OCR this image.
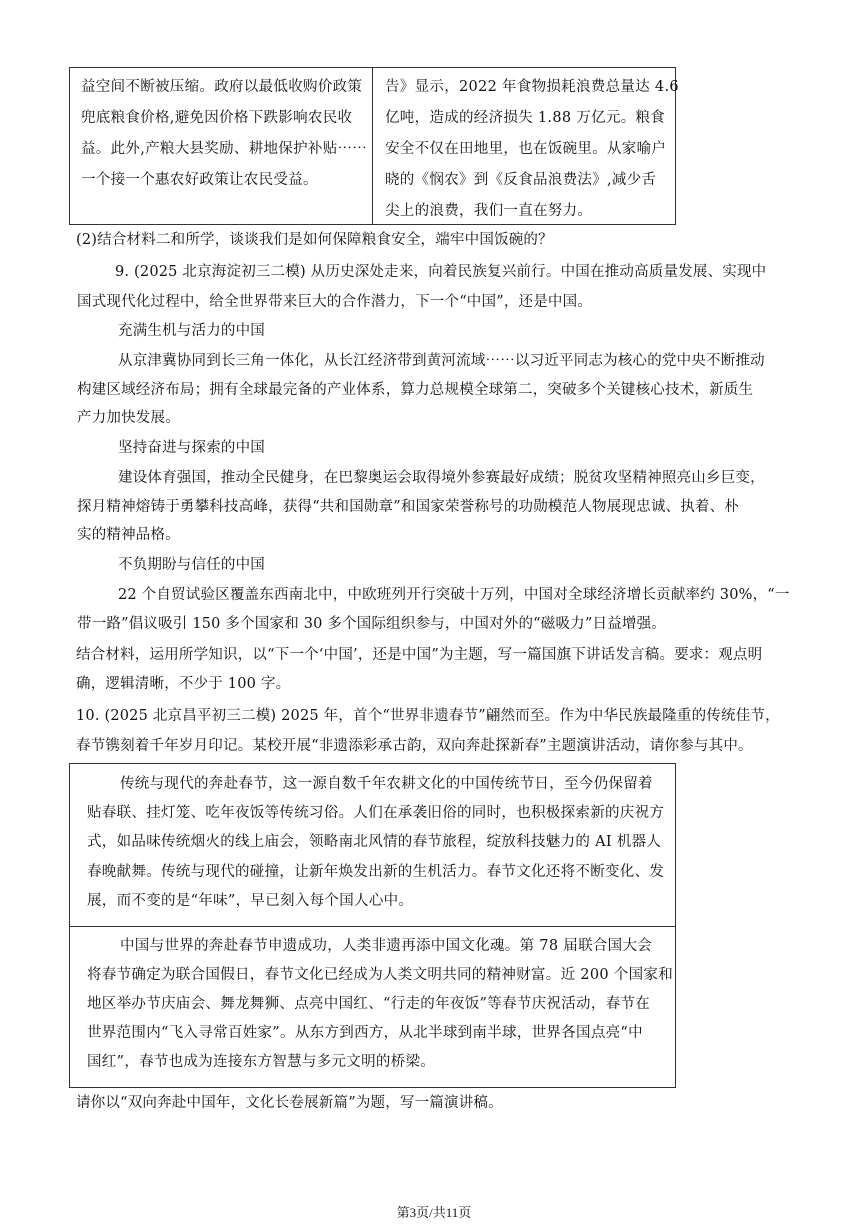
益空间不断被压缩。政府以最低收购价政策
兜底粮食价格,避免因价格下跌影响农民收
益。此外,产粮大县奖励、耕地保护补贴⋯⋯
一个接一个惠农好政策让农民受益。
告》显示，2022 年食物损耗浪费总量达 4.6
亿吨，造成的经济损失 1.88 万亿元。粮食
安全不仅在田地里，也在饭碗里。从家喻户
晓的《悯农》到《反食品浪费法》,减少舌
尖上的浪费，我们一直在努力。
(2)结合材料二和所学，谈谈我们是如何保障粮食安全，端牢中国饭碗的？
9. (2025 北京海淀初三二模) 从历史深处走来，向着民族复兴前行。中国在推动高质量发展、实现中
国式现代化过程中，给全世界带来巨大的合作潜力，下一个“中国”，还是中国。
充满生机与活力的中国
从京津冀协同到长三角一体化，从长江经济带到黄河流域⋯⋯以习近平同志为核心的党中央不断推动
构建区域经济布局；拥有全球最完备的产业体系，算力总规模全球第二，突破多个关键核心技术，新质生
产力加快发展。
坚持奋进与探索的中国
建设体育强国，推动全民健身，在巴黎奥运会取得境外参赛最好成绩；脱贫攻坚精神照亮山乡巨变，
探月精神熔铸于勇攀科技高峰，获得“共和国勋章”和国家荣誉称号的功勋模范人物展现忠诚、执着、朴
实的精神品格。
不负期盼与信任的中国
22 个自贸试验区覆盖东西南北中，中欧班列开行突破十万列，中国对全球经济增长贡献率约 30%，“一
带一路”倡议吸引 150 多个国家和 30 多个国际组织参与，中国对外的“磁吸力”日益增强。
结合材料，运用所学知识，以“下一个‘中国’，还是中国”为主题，写一篇国旗下讲话发言稿。要求：观点明
确，逻辑清晰，不少于 100 字。
10. (2025 北京昌平初三二模) 2025 年，首个“世界非遗春节”翩然而至。作为中华民族最隆重的传统佳节，
春节镌刻着千年岁月印记。某校开展“非遗添彩承古韵，双向奔赴探新春”主题演讲活动，请你参与其中。
传统与现代的奔赴春节，这一源自数千年农耕文化的中国传统节日，至今仍保留着
贴春联、挂灯笼、吃年夜饭等传统习俗。人们在承袭旧俗的同时，也积极探索新的庆祝方
式，如品味传统烟火的线上庙会，领略南北风情的春节旅程，绽放科技魅力的 AI 机器人
春晚献舞。传统与现代的碰撞，让新年焕发出新的生机活力。春节文化还将不断变化、发
展，而不变的是“年味”，早已刻入每个国人心中。
中国与世界的奔赴春节申遗成功，人类非遗再添中国文化魂。第 78 届联合国大会
将春节确定为联合国假日，春节文化已经成为人类文明共同的精神财富。近 200 个国家和
地区举办节庆庙会、舞龙舞狮、点亮中国红、“行走的年夜饭”等春节庆祝活动，春节在
世界范围内“飞入寻常百姓家”。从东方到西方，从北半球到南半球，世界各国点亮“中
国红”，春节也成为连接东方智慧与多元文明的桥梁。
请你以“双向奔赴中国年，文化长卷展新篇”为题，写一篇演讲稿。
第3页/共11页
